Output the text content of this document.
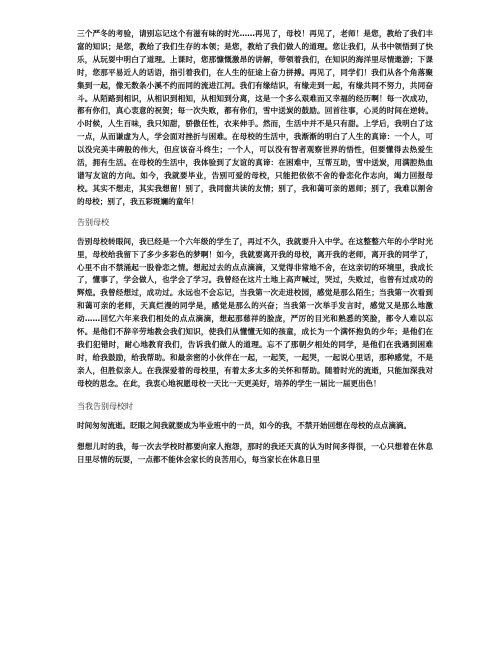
三个严冬的考验，请别忘记这个有滋有味的时光……再见了，母校！再见了，老师！是您，教给了我们丰富的知识；是您，教给了我们生存的本领；是您，教给了我们做人的道理。您让我们，从书中领悟到了快乐，从玩耍中明白了道理。上课时，您那慷慨激昂的讲解，带领着我们，在知识的海洋里尽情遨游；下课时，您那平易近人的话语，指引着我们，在人生的征途上奋力拼搏。再见了，同学们！我们从各个角落聚集到一起，像无数条小溪不约而同的流进江河。我们有缘结识，有缘走到一起，有缘共同不努力，共同奋斗。从陌路到相识，从相识到相知，从相知到分离，这是一个多么艰难而又幸福的经历啊！每一次成功，都有你们，真心衷意的祝贺；每一次失败，都有你们，雪中送炭的鼓励。回首往事，心灵的时间在逆转。小时候，人生百味，我只知甜，骄傲任性，衣来伸手。然而，生活中并不是只有甜。上学后，我明白了这一点，从而谦虚为人，学会面对挫折与困难。在母校的生活中，我渐渐的明白了人生的真谛：一个人，可以没完美丰碑般的伟大，但应该奋斗终生；一个人，可以没有智者观察世界的悟性，但要懂得去热爱生活，拥有生活。在母校的生活中，我体验到了友谊的真谛：在困难中，互帮互助，雪中送炭，用满腔热血谱写友谊的方向。如今，我就要毕业，告别可爱的母校，只能把依依不舍的眷恋化作志向，竭力回报母校。其实不想走，其实我想留！别了，我同窗共读的友情；别了，我和蔼可亲的恩师；别了，我难以割舍的母校；别了，我五彩斑斓的童年！

告别母校

告别母校转眼间，我已经是一个六年级的学生了，再过不久，我就要升入中学。在这整整六年的小学时光里，母校给我留下了多少多彩色的梦啊！如今，我就要离开我的母校，离开我的老师，离开我的同学了，心里不由不禁涌起一股眷恋之情。想起过去的点点滴滴，又觉得非常地不舍，在这亲切的环境里，我成长了，懂事了，学会做人，也学会了学习。我曾经在这片土地上高声喊过，哭过，失败过，也曾有过成功的辉煌。我曾经想过，成功过。永远也不会忘记，当我第一次走进校园，感觉是那么陌生；当我第一次看到和蔼可亲的老师，天真烂漫的同学是，感觉是那么的兴奋；当我第一次举手发言时，感觉又是那么地激动……回忆六年来我们相处的点点滴滴，想起那慈祥的脸庞，严厉的目光和熟悉的笑脸，都令人难以忘怀。是他们不辞辛劳地教会我们知识，使我们从懂懂无知的孩童，成长为一个满怀抱负的少年；是他们在我们犯错时，耐心地教育我们，告诉我们做人的道理。忘不了那朝夕相处的同学，是他们在我遇到困难时，给我鼓励，给我帮助。和最亲密的小伙伴在一起，一起笑，一起哭，一起说心里话，那种感觉，不是亲人，但胜似亲人。在我深爱着的母校里，有着太多太多的关怀和帮助。随着时光的流逝，只能加深我对母校的思念。在此，我衷心地祝愿母校一天比一天更美好，培养的学生一届比一届更出色！

当我告别母校时

时间匆匆流逝。眨眼之间我就要成为毕业班中的一员，如今的我，不禁开始回想在母校的点点滴滴。

想想儿时的我，每一次去学校时都要向家人抱怨，那时的我还天真的认为时间多得很，一心只想着在休息日里尽情的玩耍，一点都不能休会家长的良苦用心，每当家长在休息日里
